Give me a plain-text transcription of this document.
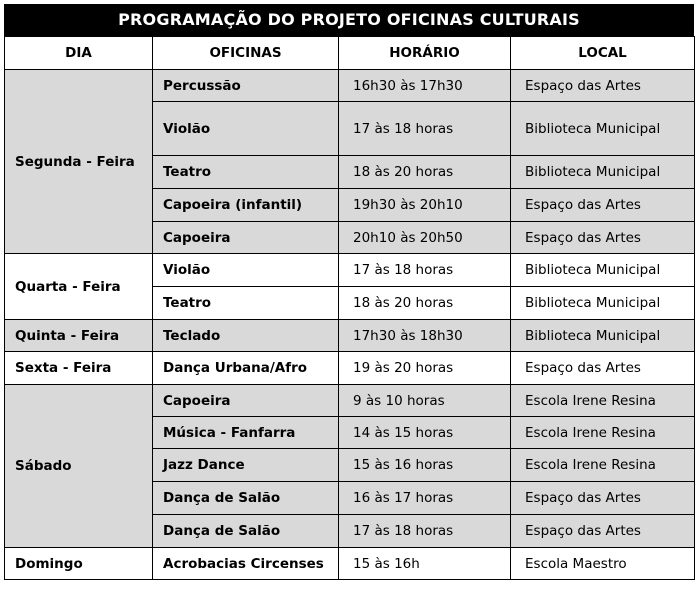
PROGRAMAÇÃO DO PROJETO OFICINAS CULTURAIS
DIA	OFICINAS	HORÁRIO	LOCAL
Segunda - Feira	Percussão	16h30 às 17h30	Espaço das Artes
	Violão	17 às 18 horas	Biblioteca Municipal
	Teatro	18 às 20 horas	Biblioteca Municipal
	Capoeira (infantil)	19h30 às 20h10	Espaço das Artes
	Capoeira	20h10 às 20h50	Espaço das Artes
Quarta - Feira	Violão	17 às 18 horas	Biblioteca Municipal
	Teatro	18 às 20 horas	Biblioteca Municipal
Quinta - Feira	Teclado	17h30 às 18h30	Biblioteca Municipal
Sexta - Feira	Dança Urbana/Afro	19 às 20 horas	Espaço das Artes
Sábado	Capoeira	9 às 10 horas	Escola Irene Resina
	Música - Fanfarra	14 às 15 horas	Escola Irene Resina
	Jazz Dance	15 às 16 horas	Escola Irene Resina
	Dança de Salão	16 às 17 horas	Espaço das Artes
	Dança de Salão	17 às 18 horas	Espaço das Artes
Domingo	Acrobacias Circenses	15 às 16h	Escola Maestro
